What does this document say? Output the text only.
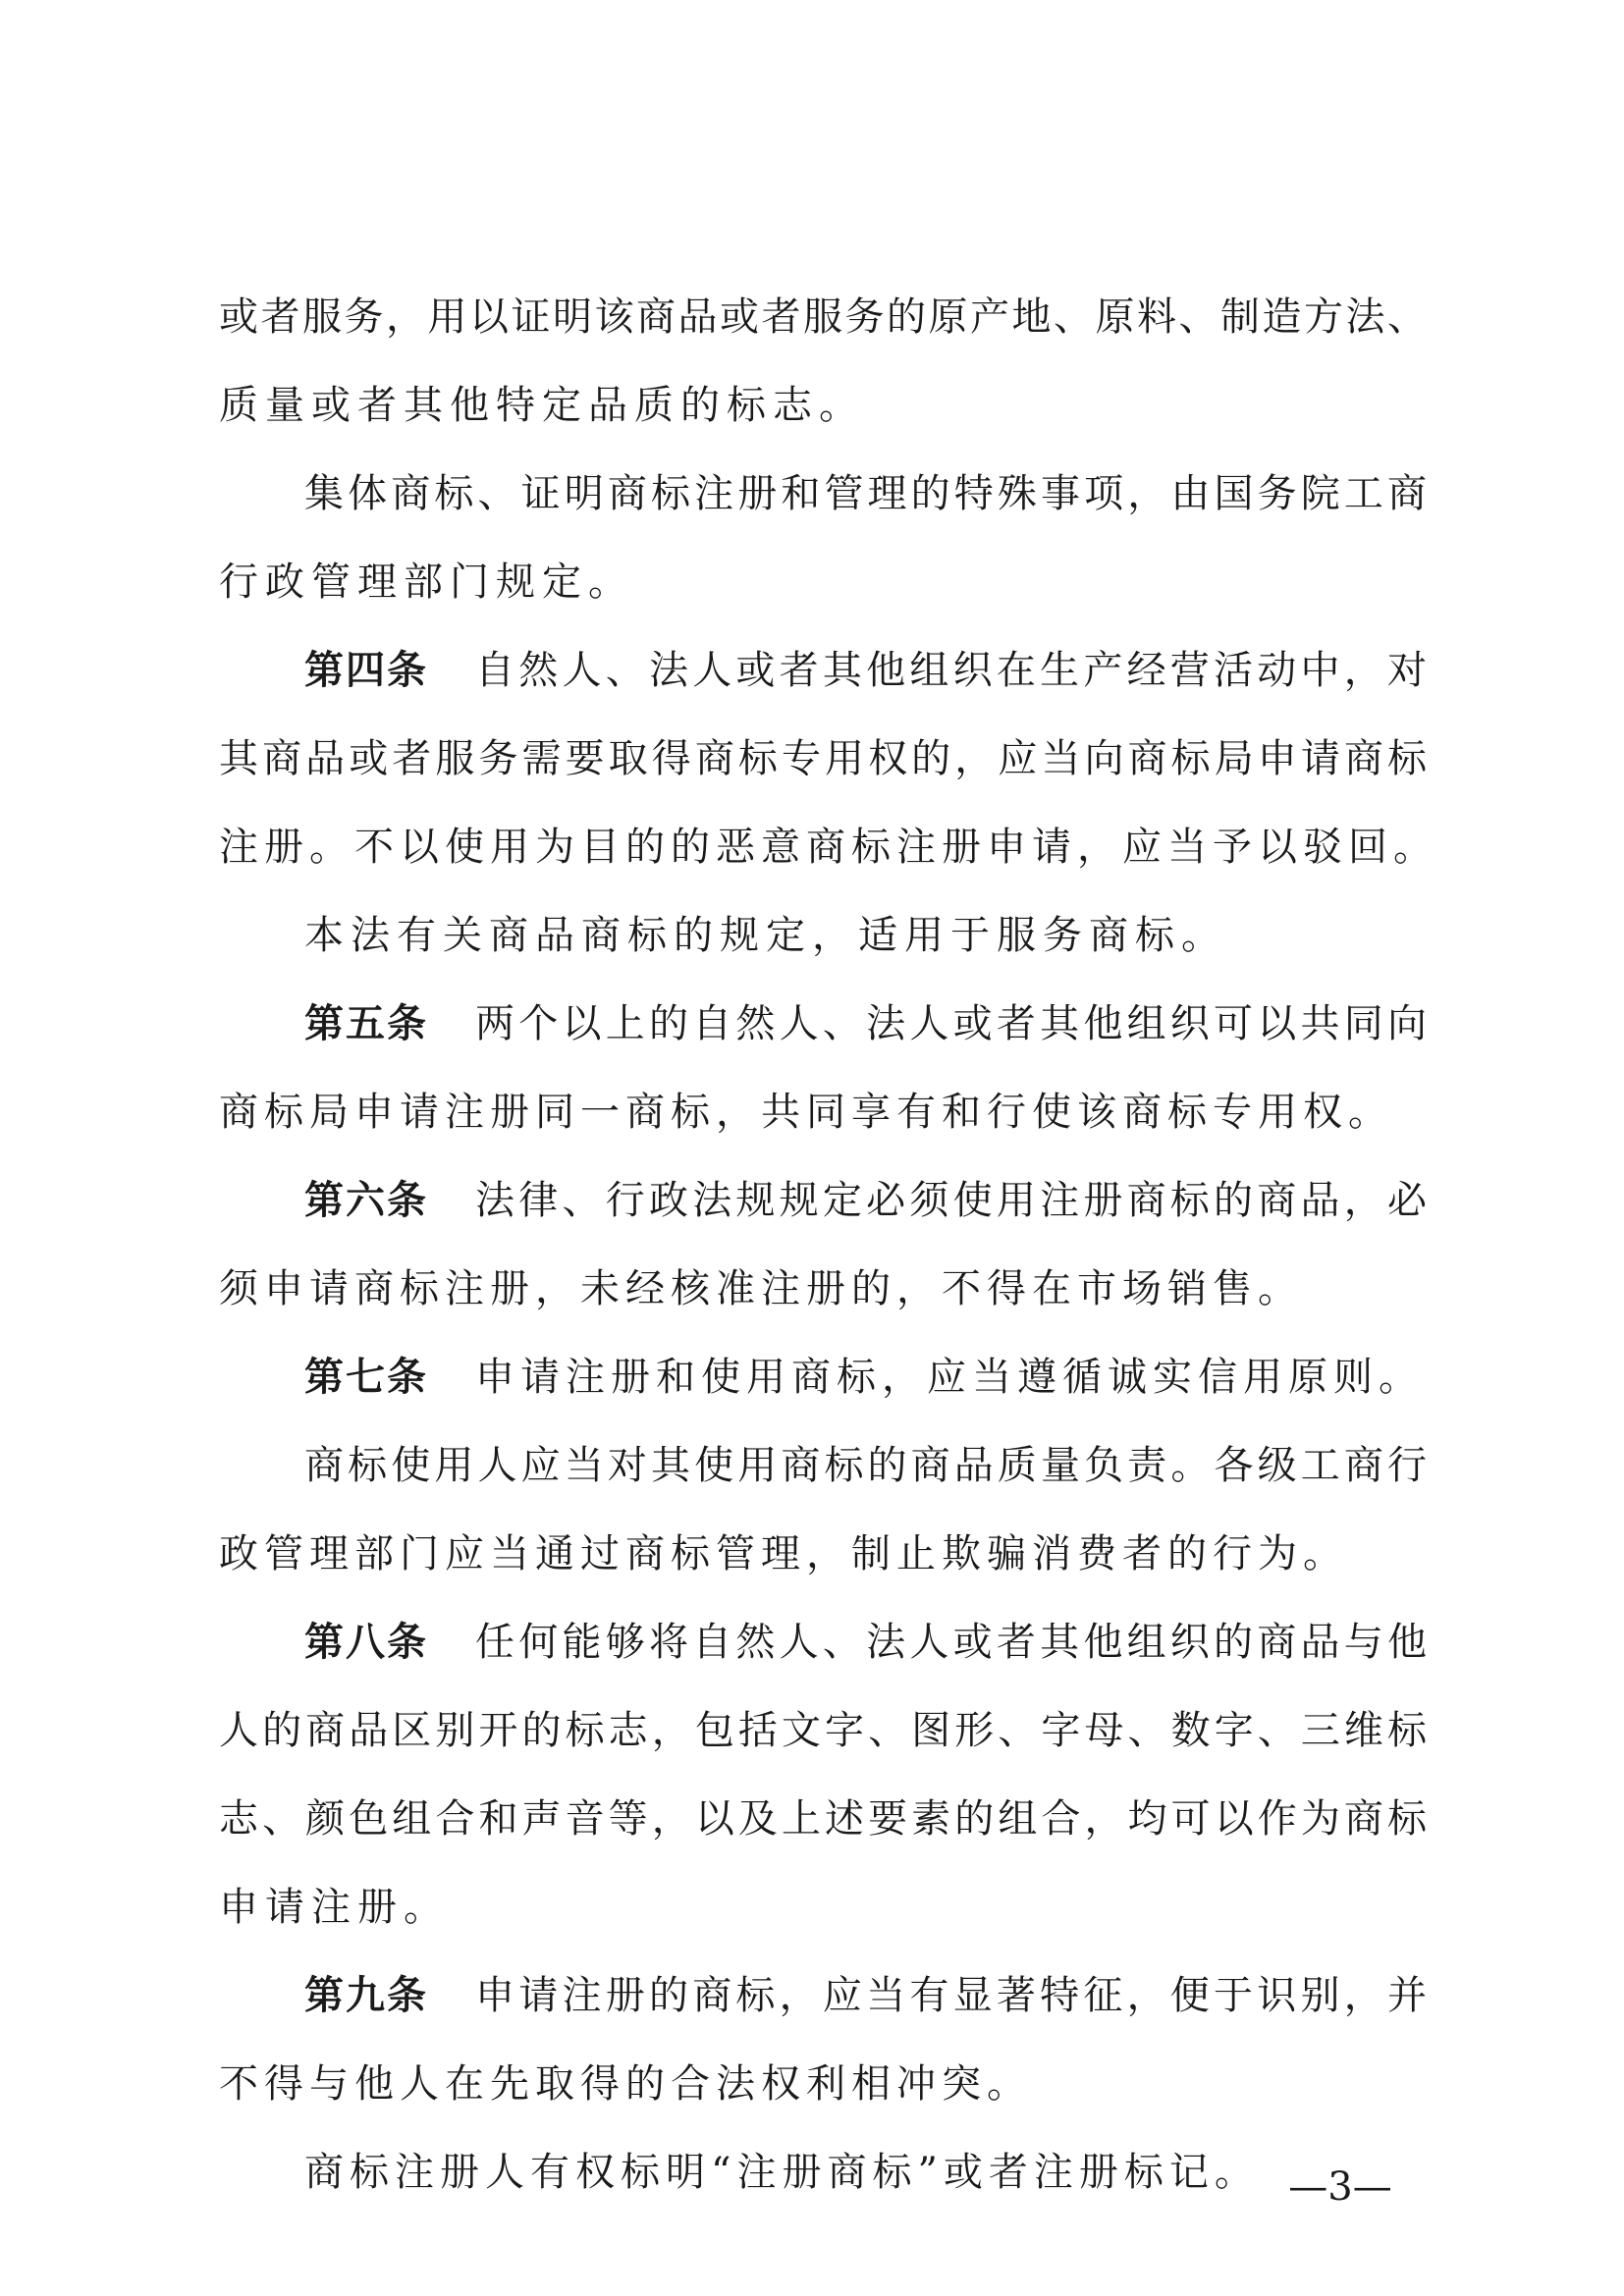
或者服务，用以证明该商品或者服务的原产地、原料、制造方法、
质量或者其他特定品质的标志。
集体商标、证明商标注册和管理的特殊事项，由国务院工商
行政管理部门规定。
第四条 自然人、法人或者其他组织在生产经营活动中，对
其商品或者服务需要取得商标专用权的，应当向商标局申请商标
注册。不以使用为目的的恶意商标注册申请，应当予以驳回。
本法有关商品商标的规定，适用于服务商标。
第五条 两个以上的自然人、法人或者其他组织可以共同向
商标局申请注册同一商标，共同享有和行使该商标专用权。
第六条 法律、行政法规规定必须使用注册商标的商品，必
须申请商标注册，未经核准注册的，不得在市场销售。
第七条 申请注册和使用商标，应当遵循诚实信用原则。
商标使用人应当对其使用商标的商品质量负责。各级工商行
政管理部门应当通过商标管理，制止欺骗消费者的行为。
第八条 任何能够将自然人、法人或者其他组织的商品与他
人的商品区别开的标志，包括文字、图形、字母、数字、三维标
志、颜色组合和声音等，以及上述要素的组合，均可以作为商标
申请注册。
第九条 申请注册的商标，应当有显著特征，便于识别，并
不得与他人在先取得的合法权利相冲突。
商标注册人有权标明“注册商标”或者注册标记。 —3—
